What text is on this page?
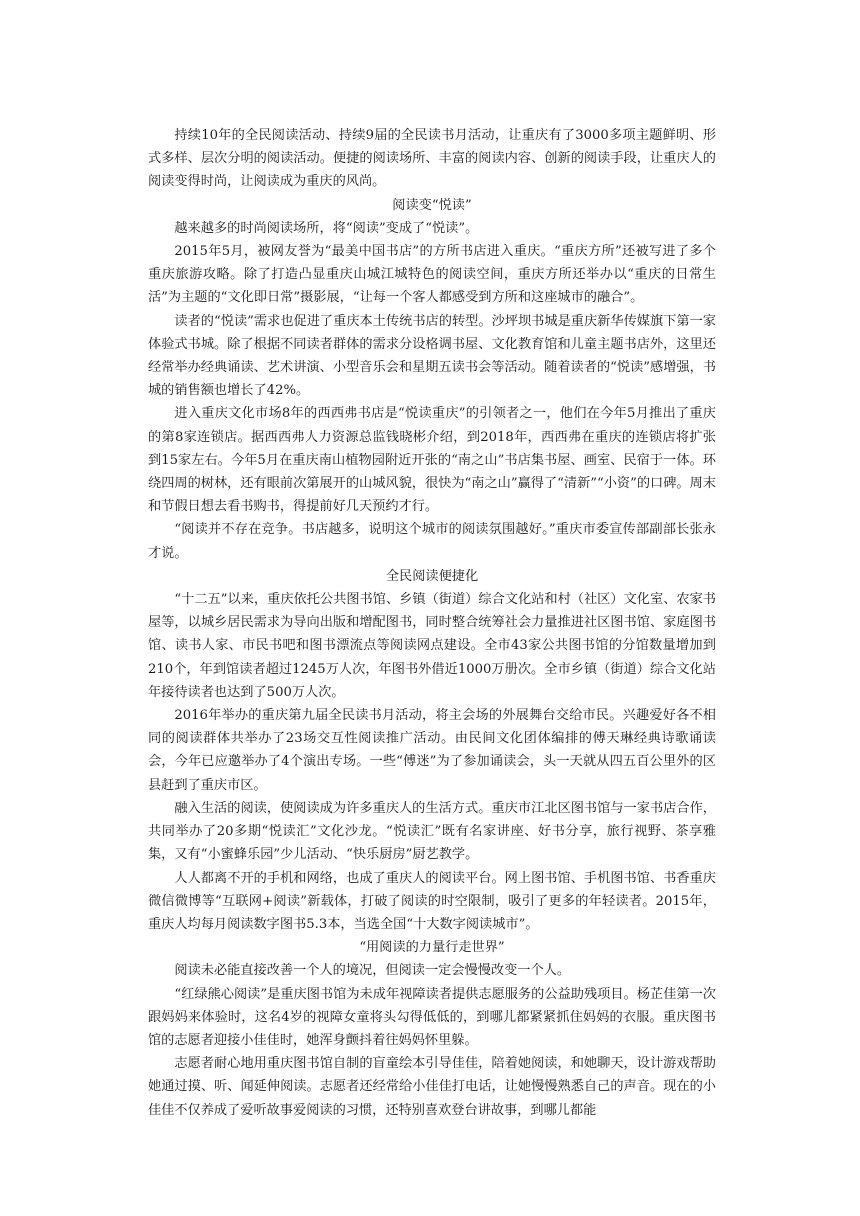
持续10年的全民阅读活动、持续9届的全民读书月活动，让重庆有了3000多项主题鲜明、形式多样、层次分明的阅读活动。便捷的阅读场所、丰富的阅读内容、创新的阅读手段，让重庆人的阅读变得时尚，让阅读成为重庆的风尚。

阅读变“悦读”

越来越多的时尚阅读场所，将“阅读”变成了“悦读”。

2015年5月，被网友誉为“最美中国书店”的方所书店进入重庆。“重庆方所”还被写进了多个重庆旅游攻略。除了打造凸显重庆山城江城特色的阅读空间，重庆方所还举办以“重庆的日常生活”为主题的“文化即日常”摄影展，“让每一个客人都感受到方所和这座城市的融合”。

读者的“悦读”需求也促进了重庆本土传统书店的转型。沙坪坝书城是重庆新华传媒旗下第一家体验式书城。除了根据不同读者群体的需求分设格调书屋、文化教育馆和儿童主题书店外，这里还经常举办经典诵读、艺术讲演、小型音乐会和星期五读书会等活动。随着读者的“悦读”感增强，书城的销售额也增长了42%。

进入重庆文化市场8年的西西弗书店是“悦读重庆”的引领者之一，他们在今年5月推出了重庆的第8家连锁店。据西西弗人力资源总监钱晓彬介绍，到2018年，西西弗在重庆的连锁店将扩张到15家左右。今年5月在重庆南山植物园附近开张的“南之山”书店集书屋、画室、民宿于一体。环绕四周的树林，还有眼前次第展开的山城风貌，很快为“南之山”赢得了“清新”“小资”的口碑。周末和节假日想去看书购书，得提前好几天预约才行。

“阅读并不存在竞争。书店越多，说明这个城市的阅读氛围越好。”重庆市委宣传部副部长张永才说。

全民阅读便捷化

“十二五”以来，重庆依托公共图书馆、乡镇（街道）综合文化站和村（社区）文化室、农家书屋等，以城乡居民需求为导向出版和增配图书，同时整合统筹社会力量推进社区图书馆、家庭图书馆、读书人家、市民书吧和图书漂流点等阅读网点建设。全市43家公共图书馆的分馆数量增加到210个，年到馆读者超过1245万人次，年图书外借近1000万册次。全市乡镇（街道）综合文化站年接待读者也达到了500万人次。

2016年举办的重庆第九届全民读书月活动，将主会场的外展舞台交给市民。兴趣爱好各不相同的阅读群体共举办了23场交互性阅读推广活动。由民间文化团体编排的傅天琳经典诗歌诵读会，今年已应邀举办了4个演出专场。一些“傅迷”为了参加诵读会，头一天就从四五百公里外的区县赶到了重庆市区。

融入生活的阅读，使阅读成为许多重庆人的生活方式。重庆市江北区图书馆与一家书店合作，共同举办了20多期“悦读汇”文化沙龙。“悦读汇”既有名家讲座、好书分享，旅行视野、茶享雅集，又有“小蜜蜂乐园”少儿活动、“快乐厨房”厨艺教学。

人人都离不开的手机和网络，也成了重庆人的阅读平台。网上图书馆、手机图书馆、书香重庆微信微博等“互联网+阅读”新载体，打破了阅读的时空限制，吸引了更多的年轻读者。2015年，重庆人均每月阅读数字图书5.3本，当选全国“十大数字阅读城市”。

“用阅读的力量行走世界”

阅读未必能直接改善一个人的境况，但阅读一定会慢慢改变一个人。

“红绿熊心阅读”是重庆图书馆为未成年视障读者提供志愿服务的公益助残项目。杨芷佳第一次跟妈妈来体验时，这名4岁的视障女童将头勾得低低的，到哪儿都紧紧抓住妈妈的衣服。重庆图书馆的志愿者迎接小佳佳时，她浑身颤抖着往妈妈怀里躲。

志愿者耐心地用重庆图书馆自制的盲童绘本引导佳佳，陪着她阅读，和她聊天，设计游戏帮助她通过摸、听、闻延伸阅读。志愿者还经常给小佳佳打电话，让她慢慢熟悉自己的声音。现在的小佳佳不仅养成了爱听故事爱阅读的习惯，还特别喜欢登台讲故事，到哪儿都能
